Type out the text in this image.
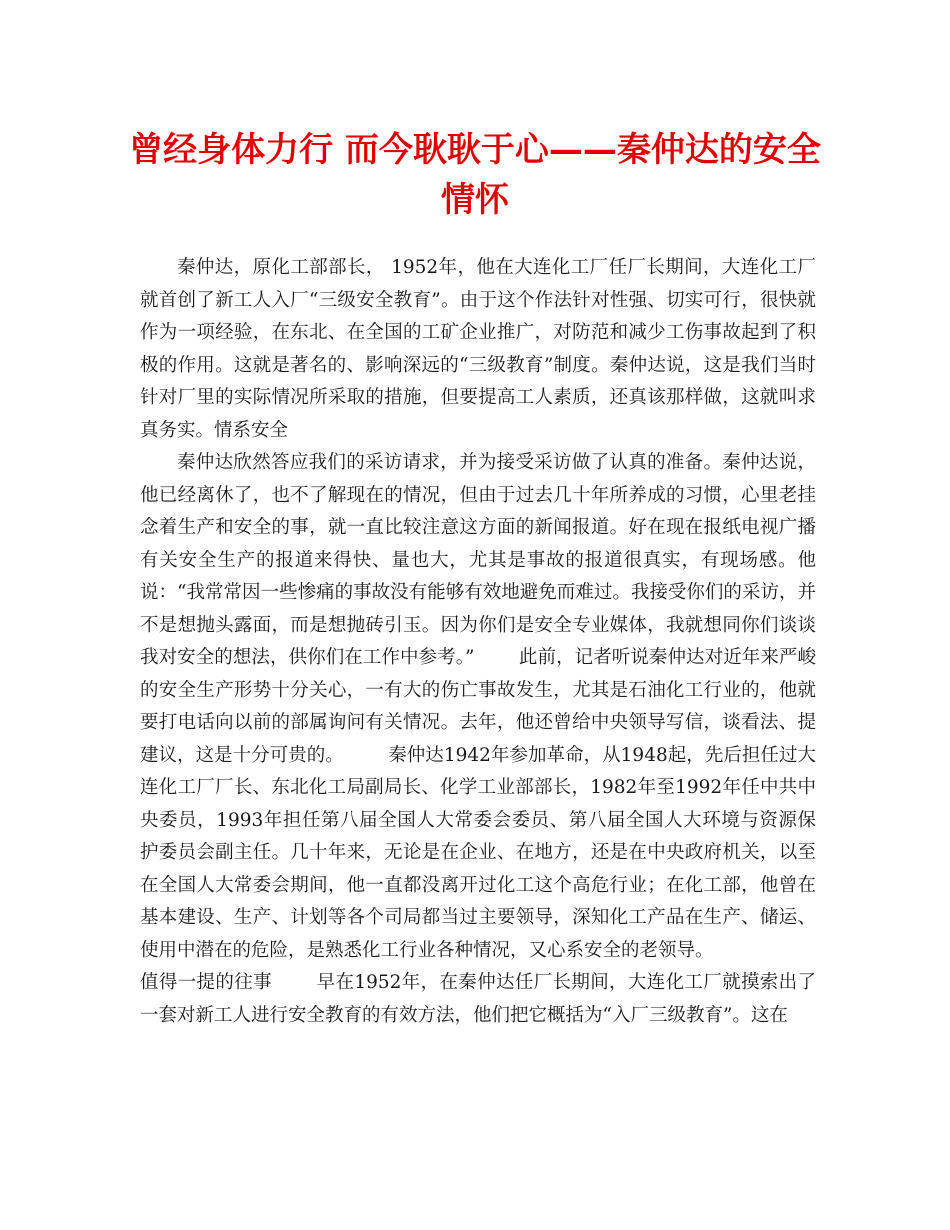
曾经身体力行 而今耿耿于心——秦仲达的安全情怀

秦仲达，原化工部部长， 1952年，他在大连化工厂任厂长期间，大连化工厂就首创了新工人入厂“三级安全教育”。由于这个作法针对性强、切实可行，很快就作为一项经验，在东北、在全国的工矿企业推广，对防范和减少工伤事故起到了积极的作用。这就是著名的、影响深远的“三级教育”制度。秦仲达说，这是我们当时针对厂里的实际情况所采取的措施，但要提高工人素质，还真该那样做，这就叫求真务实。情系安全

秦仲达欣然答应我们的采访请求，并为接受采访做了认真的准备。秦仲达说，他已经离休了，也不了解现在的情况，但由于过去几十年所养成的习惯，心里老挂念着生产和安全的事，就一直比较注意这方面的新闻报道。好在现在报纸电视广播有关安全生产的报道来得快、量也大，尤其是事故的报道很真实，有现场感。他说：“我常常因一些惨痛的事故没有能够有效地避免而难过。我接受你们的采访，并不是想抛头露面，而是想抛砖引玉。因为你们是安全专业媒体，我就想同你们谈谈我对安全的想法，供你们在工作中参考。” 此前，记者听说秦仲达对近年来严峻的安全生产形势十分关心，一有大的伤亡事故发生，尤其是石油化工行业的，他就要打电话向以前的部属询问有关情况。去年，他还曾给中央领导写信，谈看法、提建议，这是十分可贵的。 秦仲达1942年参加革命，从1948起，先后担任过大连化工厂厂长、东北化工局副局长、化学工业部部长，1982年至1992年任中共中央委员，1993年担任第八届全国人大常委会委员、第八届全国人大环境与资源保护委员会副主任。几十年来，无论是在企业、在地方，还是在中央政府机关，以至在全国人大常委会期间，他一直都没离开过化工这个高危行业；在化工部，他曾在基本建设、生产、计划等各个司局都当过主要领导，深知化工产品在生产、储运、使用中潜在的危险，是熟悉化工行业各种情况，又心系安全的老领导。

值得一提的往事 早在1952年，在秦仲达任厂长期间，大连化工厂就摸索出了一套对新工人进行安全教育的有效方法，他们把它概括为“入厂三级教育”。这在
